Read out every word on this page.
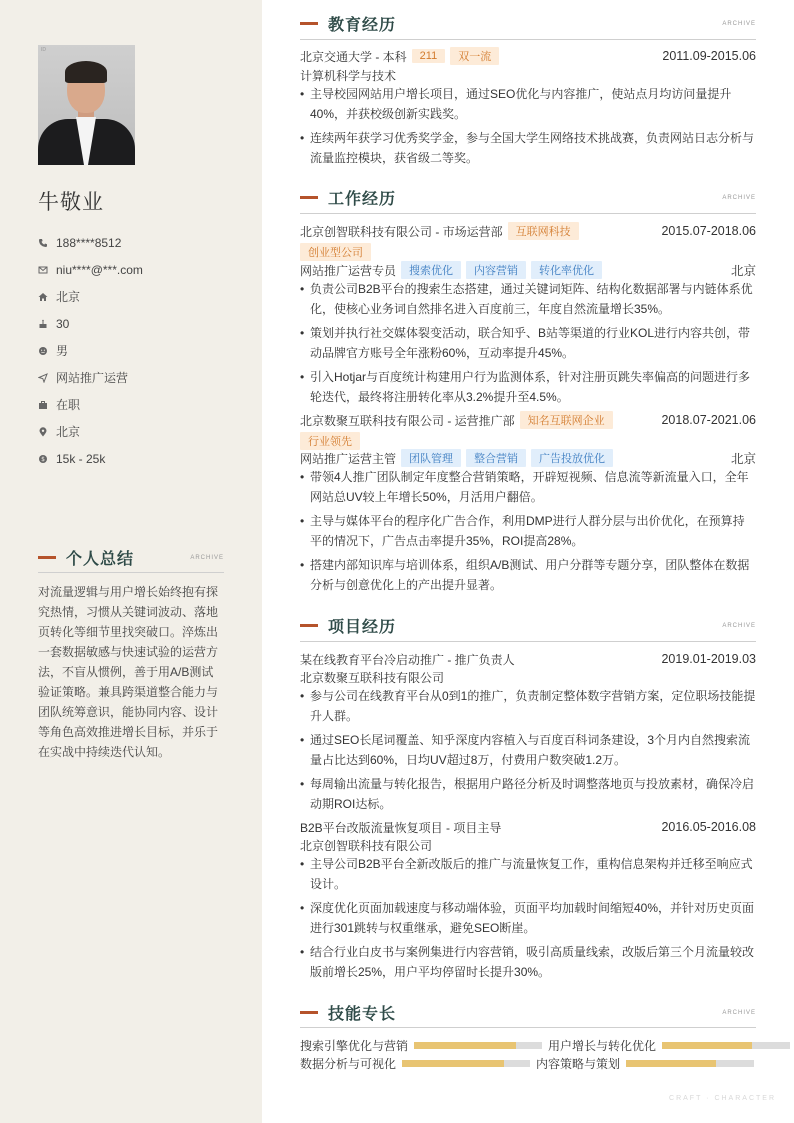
ID
牛敬业
188****8512
niu****@***.com
北京
30
男
网站推广运营
在职
北京
$ 15k - 25k
个人总结	ARCHIVE
对流量逻辑与用户增长始终抱有探究热情，习惯从关键词波动、落地页转化等细节里找突破口。淬炼出一套数据敏感与快速试验的运营方法，不盲从惯例，善于用A/B测试验证策略。兼具跨渠道整合能力与团队统筹意识，能协同内容、设计等角色高效推进增长目标，并乐于在实战中持续迭代认知。
教育经历	ARCHIVE
北京交通大学 - 本科	211	双一流	2011.09-2015.06
计算机科学与技术
• 主导校园网站用户增长项目，通过SEO优化与内容推广，使站点月均访问量提升40%，并获校级创新实践奖。
• 连续两年获学习优秀奖学金，参与全国大学生网络技术挑战赛，负责网站日志分析与流量监控模块，获省级二等奖。
工作经历	ARCHIVE
北京创智联科技有限公司 - 市场运营部	互联网科技	2015.07-2018.06
创业型公司
网站推广运营专员	搜索优化	内容营销	转化率优化	北京
• 负责公司B2B平台的搜索生态搭建，通过关键词矩阵、结构化数据部署与内链体系优化，使核心业务词自然排名进入百度前三，年度自然流量增长35%。
• 策划并执行社交媒体裂变活动，联合知乎、B站等渠道的行业KOL进行内容共创，带动品牌官方账号全年涨粉60%，互动率提升45%。
• 引入Hotjar与百度统计构建用户行为监测体系，针对注册页跳失率偏高的问题进行多轮迭代，最终将注册转化率从3.2%提升至4.5%。
北京数聚互联科技有限公司 - 运营推广部	知名互联网企业	2018.07-2021.06
行业领先
网站推广运营主管	团队管理	整合营销	广告投放优化	北京
• 带领4人推广团队制定年度整合营销策略，开辟短视频、信息流等新流量入口，全年网站总UV较上年增长50%，月活用户翻倍。
• 主导与媒体平台的程序化广告合作，利用DMP进行人群分层与出价优化，在预算持平的情况下，广告点击率提升35%，ROI提高28%。
• 搭建内部知识库与培训体系，组织A/B测试、用户分群等专题分享，团队整体在数据分析与创意优化上的产出提升显著。
项目经历	ARCHIVE
某在线教育平台冷启动推广 - 推广负责人	2019.01-2019.03
北京数聚互联科技有限公司
• 参与公司在线教育平台从0到1的推广，负责制定整体数字营销方案，定位职场技能提升人群。
• 通过SEO长尾词覆盖、知乎深度内容植入与百度百科词条建设，3个月内自然搜索流量占比达到60%，日均UV超过8万，付费用户数突破1.2万。
• 每周输出流量与转化报告，根据用户路径分析及时调整落地页与投放素材，确保冷启动期ROI达标。
B2B平台改版流量恢复项目 - 项目主导	2016.05-2016.08
北京创智联科技有限公司
• 主导公司B2B平台全新改版后的推广与流量恢复工作，重构信息架构并迁移至响应式设计。
• 深度优化页面加载速度与移动端体验，页面平均加载时间缩短40%，并针对历史页面进行301跳转与权重继承，避免SEO断崖。
• 结合行业白皮书与案例集进行内容营销，吸引高质量线索，改版后第三个月流量较改版前增长25%，用户平均停留时长提升30%。
技能专长	ARCHIVE
搜索引擎优化与营销	用户增长与转化优化
数据分析与可视化	内容策略与策划
CRAFT · CHARACTER
